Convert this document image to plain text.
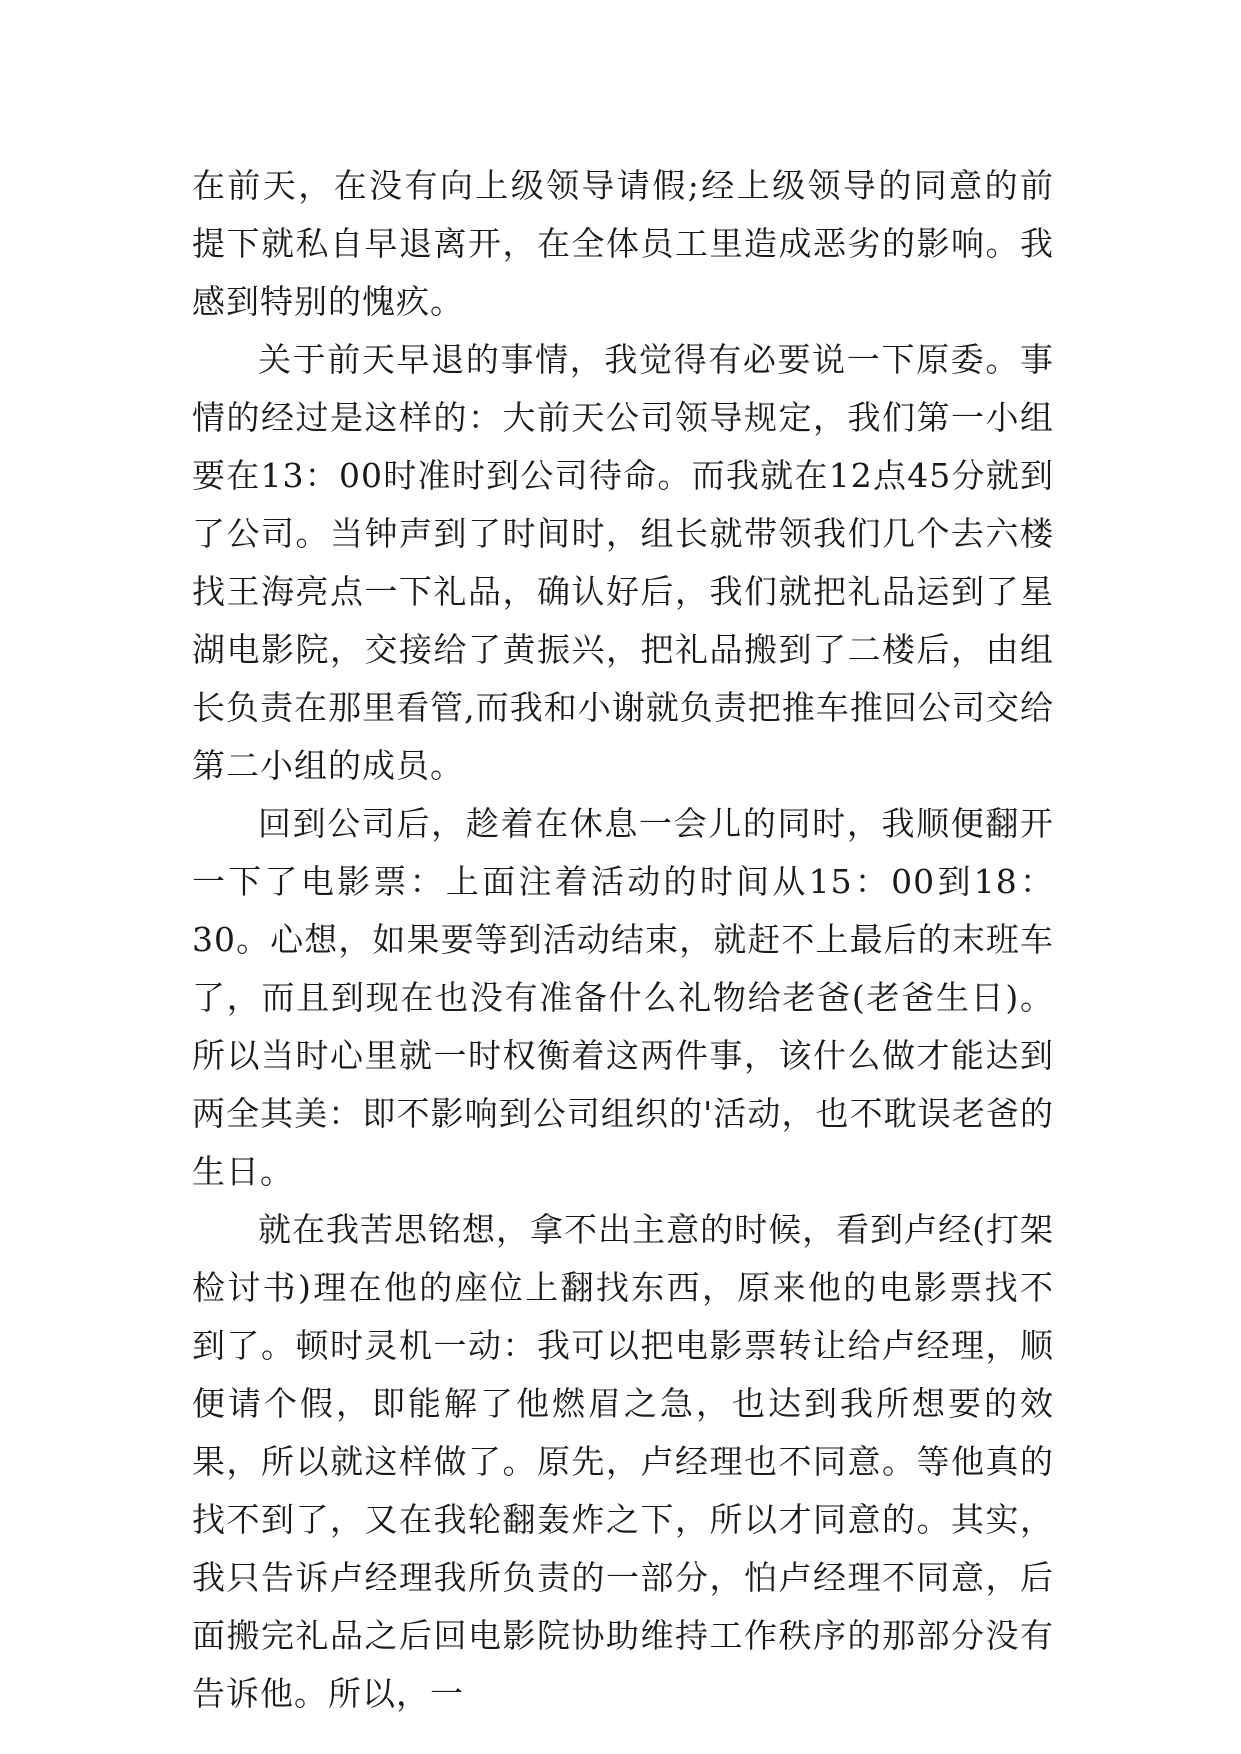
在前天，在没有向上级领导请假;经上级领导的同意的前提下就私自早退离开，在全体员工里造成恶劣的影响。我感到特别的愧疚。

关于前天早退的事情，我觉得有必要说一下原委。事情的经过是这样的：大前天公司领导规定，我们第一小组要在13：00时准时到公司待命。而我就在12点45分就到了公司。当钟声到了时间时，组长就带领我们几个去六楼找王海亮点一下礼品，确认好后，我们就把礼品运到了星湖电影院，交接给了黄振兴，把礼品搬到了二楼后，由组长负责在那里看管,而我和小谢就负责把推车推回公司交给第二小组的成员。

回到公司后，趁着在休息一会儿的同时，我顺便翻开一下了电影票：上面注着活动的时间从15：00到18：30。心想，如果要等到活动结束，就赶不上最后的末班车了，而且到现在也没有准备什么礼物给老爸(老爸生日)。所以当时心里就一时权衡着这两件事，该什么做才能达到两全其美：即不影响到公司组织的'活动，也不耽误老爸的生日。

就在我苦思铭想，拿不出主意的时候，看到卢经(打架检讨书)理在他的座位上翻找东西，原来他的电影票找不到了。顿时灵机一动：我可以把电影票转让给卢经理，顺便请个假，即能解了他燃眉之急，也达到我所想要的效果，所以就这样做了。原先，卢经理也不同意。等他真的找不到了，又在我轮翻轰炸之下，所以才同意的。其实，我只告诉卢经理我所负责的一部分，怕卢经理不同意，后面搬完礼品之后回电影院协助维持工作秩序的那部分没有告诉他。所以，一
